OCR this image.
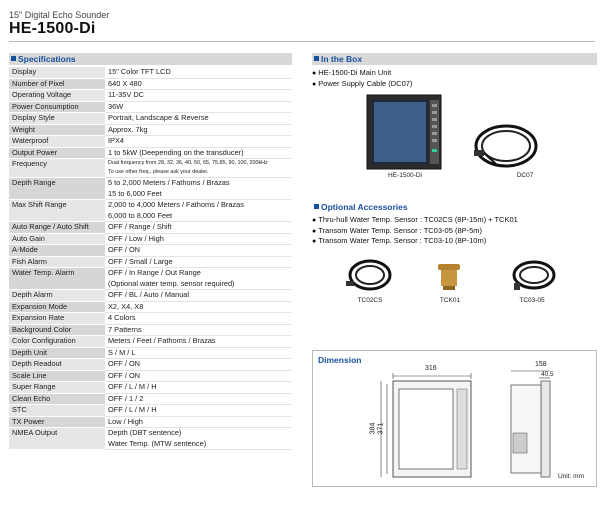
15" Digital Echo Sounder
HE-1500-Di
Specifications
Display	15" Color TFT LCD
Number of Pixel	640 X 480
Operating Voltage	11-35V DC
Power Consumption	36W
Display Style	Portrait, Landscape & Reverse
Weight	Approx. 7kg
Waterproof	IPX4
Output Power	1 to 5kW (Deepending on the transducer)
Frequency	Dual frequency from 28, 32, 36, 40, 50, 65, 75.85, 90, 100, 200kHz
To use other freq., please ask your dealer.

Depth Range	5 to 2,000 Meters / Fathoms / Brazas
15 to 6,000 Feet

Max Shift Range	2,000 to 4,000 Meters / Fathoms / Brazas
6,000 to 8,000 Feet

Auto Range / Auto Shift	OFF / Range / Shift
Auto Gain	OFF / Low / High
A-Mode	OFF / ON
Fish Alarm	OFF / Small / Large
Water Temp. Alarm	OFF / In Range / Out Range
(Optional water temp. sensor required)

Depth Alarm	OFF / BL / Auto / Manual
Expansion Mode	X2, X4, X8
Expansion Rate	4 Colors
Background Color	7 Patterns
Color Configuration	Meters / Feet / Fathoms / Brazas
Depth Unit	S / M / L
Depth Readout	OFF / ON
Scale Line	OFF / ON
Super Range	OFF / L / M / H
Clean Echo	OFF / 1 / 2
STC	OFF / L / M / H
TX Power	Low / High
NMEA Output	Depth (DBT sentence)
Water Temp. (MTW sentence)
In the Box
● HE-1500-Di Main Unit
● Power Supply Cable (DC07)
HE-1500-Di	DC07
Optional Accessories
● Thru-hull Water Temp. Sensor : TC02CS (8P-15m) + TCK01
● Transom Water Temp. Sensor : TC03-05 (8P-5m)
● Transom Water Temp. Sensor : TC03-10 (8P-10m)
TC02CS	TCK01	TC03-05
Dimension
316
158
40.5
384 371
Unit: mm
